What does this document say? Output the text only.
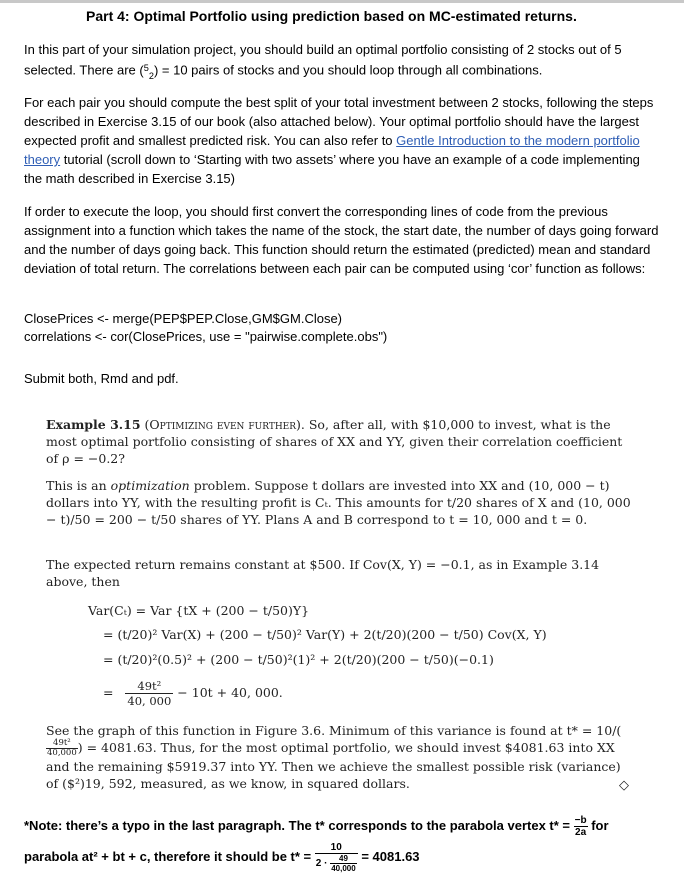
Part 4: Optimal Portfolio using prediction based on MC-estimated returns.
In this part of your simulation project, you should build an optimal portfolio consisting of 2 stocks out of 5 selected. There are ($^5_2$) = 10 pairs of stocks and you should loop through all combinations.
For each pair you should compute the best split of your total investment between 2 stocks, following the steps described in Exercise 3.15 of our book (also attached below). Your optimal portfolio should have the largest expected profit and smallest predicted risk. You can also refer to Gentle Introduction to the modern portfolio theory tutorial (scroll down to ‘Starting with two assets’ where you have an example of a code implementing the math described in Exercise 3.15)
If order to execute the loop, you should first convert the corresponding lines of code from the previous assignment into a function which takes the name of the stock, the start date, the number of days going forward and the number of days going back. This function should return the estimated (predicted) mean and standard deviation of total return. The correlations between each pair can be computed using ‘cor’ function as follows:
ClosePrices <- merge(PEP$PEP.Close,GM$GM.Close)
correlations <- cor(ClosePrices, use = "pairwise.complete.obs")
Submit both, Rmd and pdf.
Example 3.15 (Optimizing even further). So, after all, with $10,000 to invest, what is the most optimal portfolio consisting of shares of XX and YY, given their correlation coefficient of ρ = −0.2?
This is an optimization problem. Suppose t dollars are invested into XX and (10, 000 − t) dollars into YY, with the resulting profit is Cₜ. This amounts for t/20 shares of X and (10, 000 − t)/50 = 200 − t/50 shares of YY. Plans A and B correspond to t = 10, 000 and t = 0.
The expected return remains constant at $500. If Cov(X, Y) = −0.1, as in Example 3.14 above, then
Var(Cₜ) = Var {tX + (200 − t/50)Y}
= (t/20)² Var(X) + (200 − t/50)² Var(Y) + 2(t/20)(200 − t/50) Cov(X, Y)
= (t/20)²(0.5)² + (200 − t/50)²(1)² + 2(t/20)(200 − t/50)(−0.1)
= $\frac{\text{49t²}}{40, 000} - 10t + 40$, 000.
See the graph of this function in Figure 3.6. Minimum of this variance is found at t* = 10/(
$\frac{\text{49t²}}{40,000}$ ) = 4081.63. Thus, for the most optimal portfolio, we should invest $4081.63 into XX and the remaining $5919.37 into YY. Then we achieve the smallest possible risk (variance) of ($²)19, 592, measured, as we know, in squared dollars.	◇
*Note: there’s a typo in the last paragraph. The t* corresponds to the parabola vertex $t* = \frac{-b}{2a}$ for
parabola at² + bt + c, therefore it should be $t* = \frac{10}{2 \cdot \frac{49}{40,000}} = 4081.63$
